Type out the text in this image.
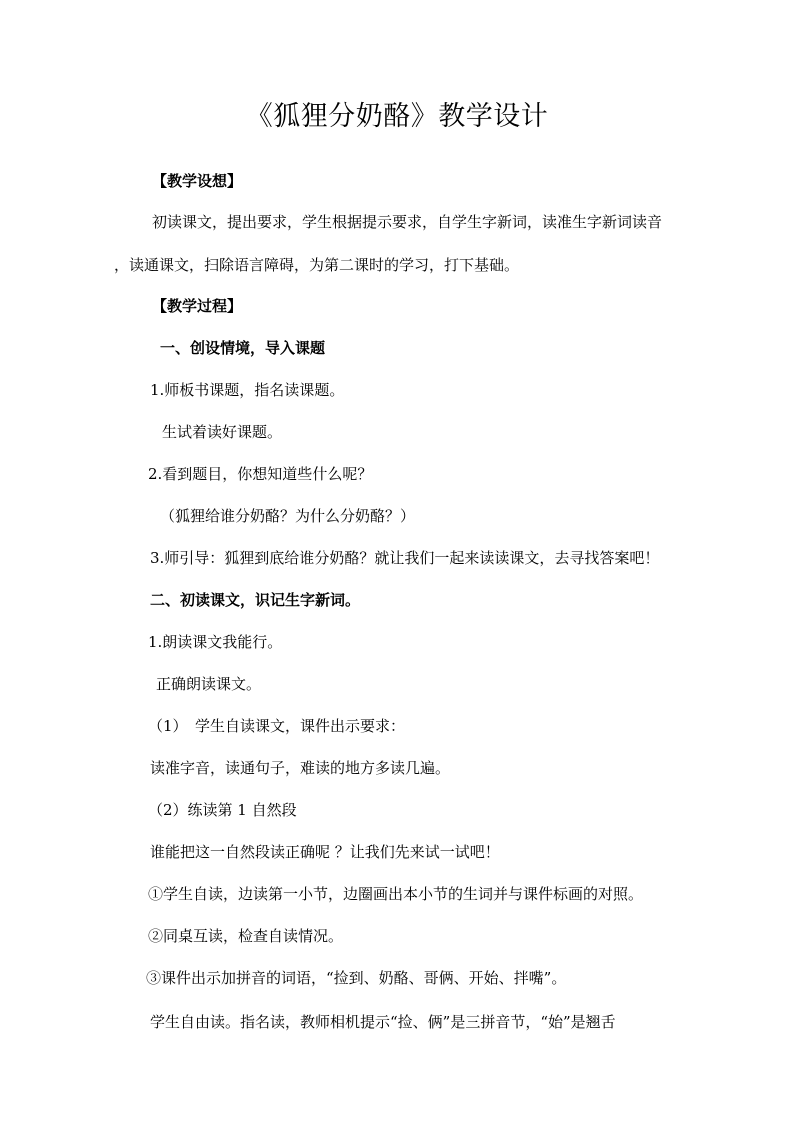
《狐狸分奶酪》教学设计
【教学设想】
初读课文，提出要求，学生根据提示要求，自学生字新词，读准生字新词读音
，读通课文，扫除语言障碍，为第二课时的学习，打下基础。
【教学过程】
一、创设情境，导入课题
1.师板书课题，指名读课题。
生试着读好课题。
2.看到题目，你想知道些什么呢？
（狐狸给谁分奶酪？为什么分奶酪？）
3.师引导：狐狸到底给谁分奶酪？就让我们一起来读读课文，去寻找答案吧！
二、初读课文，识记生字新词。
1.朗读课文我能行。
正确朗读课文。
（1）　学生自读课文，课件出示要求：
读准字音，读通句子，难读的地方多读几遍。
（2）练读第 1 自然段
谁能把这一自然段读正确呢 ？让我们先来试一试吧！
①学生自读，边读第一小节，边圈画出本小节的生词并与课件标画的对照。
②同桌互读，检查自读情况。
③课件出示加拼音的词语，“捡到、奶酪、哥俩、开始、拌嘴”。
学生自由读。指名读，教师相机提示“捡、俩”是三拼音节，“始”是翘舌
